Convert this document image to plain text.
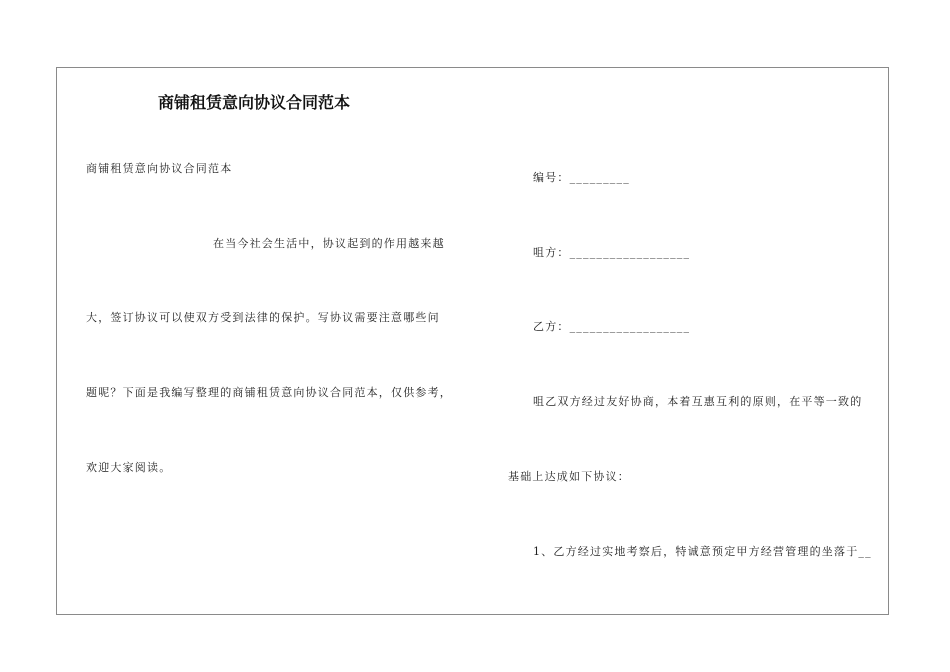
商铺租赁意向协议合同范本
商铺租赁意向协议合同范本
在当今社会生活中，协议起到的作用越来越
大，签订协议可以使双方受到法律的保护。写协议需要注意哪些问
题呢？下面是我编写整理的商铺租赁意向协议合同范本，仅供参考，
欢迎大家阅读。
编号：_________
咀方：__________________
乙方：__________________
咀乙双方经过友好协商，本着互惠互利的原则，在平等一致的
基础上达成如下协议：
1、乙方经过实地考察后，特诚意预定甲方经营管理的坐落于__
